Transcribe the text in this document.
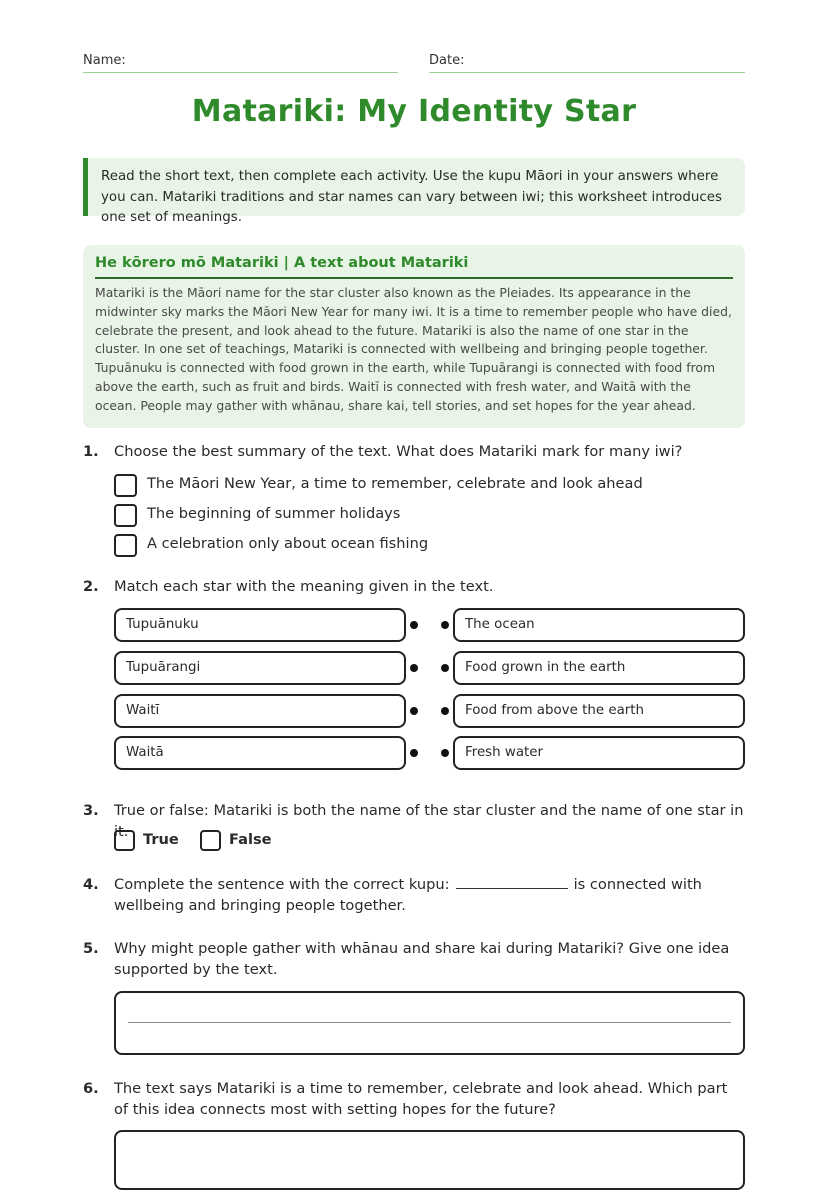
Name:	Date:
Matariki: My Identity Star
Read the short text, then complete each activity. Use the kupu Māori in your answers where you can. Matariki traditions and star names can vary between iwi; this worksheet introduces one set of meanings.
He kōrero mō Matariki | A text about Matariki
Matariki is the Māori name for the star cluster also known as the Pleiades. Its appearance in the midwinter sky marks the Māori New Year for many iwi. It is a time to remember people who have died, celebrate the present, and look ahead to the future. Matariki is also the name of one star in the cluster. In one set of teachings, Matariki is connected with wellbeing and bringing people together. Tupuānuku is connected with food grown in the earth, while Tupuārangi is connected with food from above the earth, such as fruit and birds. Waitī is connected with fresh water, and Waitā with the ocean. People may gather with whānau, share kai, tell stories, and set hopes for the year ahead.
1. Choose the best summary of the text. What does Matariki mark for many iwi?
The Māori New Year, a time to remember, celebrate and look ahead
The beginning of summer holidays
A celebration only about ocean fishing
2. Match each star with the meaning given in the text.
Tupuānuku	The ocean
Tupuārangi	Food grown in the earth
Waitī	Food from above the earth
Waitā	Fresh water
3. True or false: Matariki is both the name of the star cluster and the name of one star in it. True	False
4. Complete the sentence with the correct kupu:	is connected with wellbeing and bringing people together.
5. Why might people gather with whānau and share kai during Matariki? Give one idea supported by the text.
6. The text says Matariki is a time to remember, celebrate and look ahead. Which part of this idea connects most with setting hopes for the future?
